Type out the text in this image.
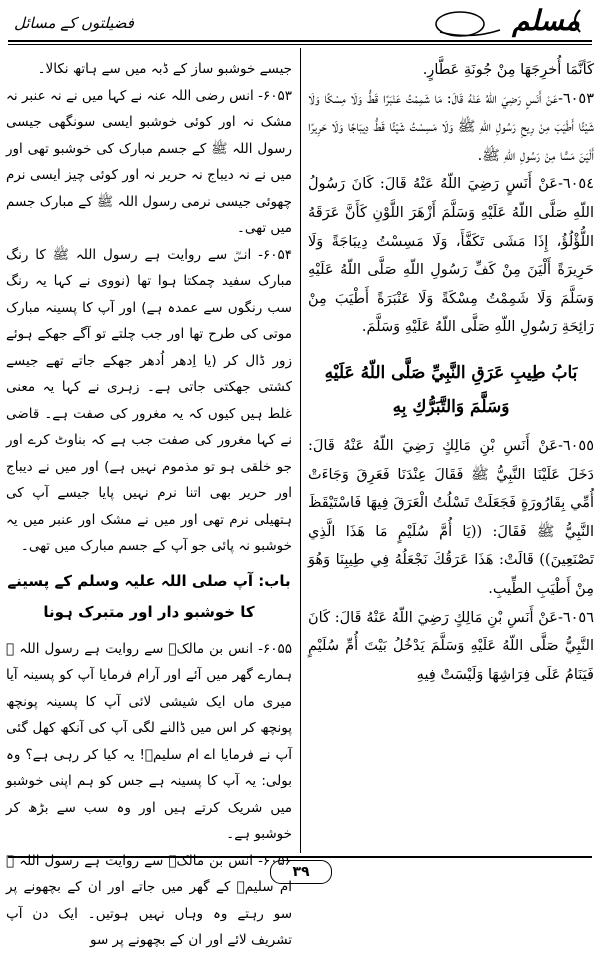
فضیلتوں کے مسائل	مسلم

كَأنَّمَا أُخرِجَهَا مِنْ جُونَةِ عَطَّارٍ.

٦٠٥٣-عَنْ أَنَسٍ رَضِيَ اللّهُ عَنْهُ قَالَ: مَا شَمِمْتُ عَنْبَرًا قَطُّ وَلَا مِسْكًا وَلَا شَيْئًا أَطْيَبَ مِنْ رِيحِ رَسُولِ اللّهِ ﷺ وَلَا مَسِسْتُ شَيْئًا قَطُّ دِيبَاجًا وَلَا حَرِيرًا أَلْيَنَ مَسًّا مِنْ رَسُولِ اللّهِ ﷺ.

٦٠٥٤-عَنْ أَنَسٍ رَضِيَ اللّهُ عَنْهُ قَالَ: كَانَ رَسُولُ اللّهِ صَلَّى اللّهُ عَلَيْهِ وَسَلَّمَ أَزْهَرَ اللَّوْنِ كَأَنَّ عَرَقَهُ اللُّؤْلُؤُ، إِذَا مَشَى تَكَفَّأَ، وَلَا مَسِسْتُ دِيبَاجَةً وَلَا حَرِيرَةً أَلْيَنَ مِنْ كَفِّ رَسُولِ اللّهِ صَلَّى اللّهُ عَلَيْهِ وَسَلَّمَ وَلَا شَمِمْتُ مِسْكَةً وَلَا عَنْبَرَةً أَطْيَبَ مِنْ رَائِحَةِ رَسُولِ اللّهِ صَلَّى اللّهُ عَلَيْهِ وَسَلَّمَ.

بَابُ طِيبِ عَرَقِ النَّبِيِّ صَلَّى اللّهُ عَلَيْهِ وَسَلَّمَ وَالتَّبَرُّكِ بِهِ

٦٠٥٥-عَنْ أَنَسِ بْنِ مَالِكٍ رَضِيَ اللّهُ عَنْهُ قَالَ: دَخَلَ عَلَيْنَا النَّبِيُّ ﷺ فَقَالَ عِنْدَنَا فَعَرِقَ وَجَاءَتْ أُمِّي بِقَارُورَةٍ فَجَعَلَتْ تَسْلُتُ الْعَرَقَ فِيهَا فَاسْتَيْقَظَ النَّبِيُّ ﷺ فَقَالَ: ((يَا أُمَّ سُلَيْمٍ مَا هَذَا الَّذِي تَصْنَعِينَ)) قَالَتْ: هَذَا عَرَقُكَ نَجْعَلُهُ فِي طِيبِنَا وَهُوَ مِنْ أَطْيَبِ الطِّيبِ.

٦٠٥٦-عَنْ أَنَسِ بْنِ مَالِكٍ رَضِيَ اللّهُ عَنْهُ قَالَ: كَانَ النَّبِيُّ صَلَّى اللّهُ عَلَيْهِ وَسَلَّمَ يَدْخُلُ بَيْتَ أُمِّ سُلَيْمٍ فَيَنَامُ عَلَى فِرَاشِهَا وَلَيْسَتْ فِيهِ

جیسے خوشبو ساز کے ڈبہ میں سے ہاتھ نکالا۔

۶۰۵۳- انس رضی اللہ عنہ نے کہا میں نے نہ عنبر نہ مشک نہ اور کوئی خوشبو ایسی سونگھی جیسی رسول اللہ ﷺ کے جسم مبارک کی خوشبو تھی اور میں نے نہ دیباج نہ حریر نہ اور کوئی چیز ایسی نرم چھوئی جیسی نرمی رسول اللہ ﷺ کے مبارک جسم میں تھی۔

۶۰۵۴- انسؓ سے روایت ہے رسول اللہ ﷺ کا رنگ مبارک سفید چمکتا ہوا تھا (نووی نے کہا یہ رنگ سب رنگوں سے عمدہ ہے) اور آپ کا پسینہ مبارک موتی کی طرح تھا اور جب چلتے تو آگے جھکے ہوئے زور ڈال کر (یا اِدھر اُدھر جھکے جاتے تھے جیسے کشتی جھکتی جاتی ہے۔ زہری نے کہا یہ معنی غلط ہیں کیوں کہ یہ مغرور کی صفت ہے۔ قاضی نے کہا مغرور کی صفت جب ہے کہ بناوٹ کرے اور جو خلقی ہو تو مذموم نہیں ہے) اور میں نے دیباج اور حریر بھی اتنا نرم نہیں پایا جیسے آپ کی ہتھیلی نرم تھی اور میں نے مشک اور عنبر میں یہ خوشبو نہ پائی جو آپ کے جسم مبارک میں تھی۔

باب: آپ صلی اللہ علیہ وسلم کے پسینے
کا خوشبو دار اور متبرک ہونا

۶۰۵۵- انس بن مالکؓ سے روایت ہے رسول اللہ ﷺ ہمارے گھر میں آئے اور آرام فرمایا آپ کو پسینہ آیا میری ماں ایک شیشی لائی آپ کا پسینہ پونچھ پونچھ کر اس میں ڈالنے لگی آپ کی آنکھ کھل گئی آپ نے فرمایا اے ام سلیمؓ! یہ کیا کر رہی ہے؟ وہ بولی: یہ آپ کا پسینہ ہے جس کو ہم اپنی خوشبو میں شریک کرتے ہیں اور وہ سب سے بڑھ کر خوشبو ہے۔

۶۰۵۶- انس بن مالکؓ سے روایت ہے رسول اللہ ﷺ ام سلیمؓ کے گھر میں جاتے اور ان کے بچھونے پر سو رہتے وہ وہاں نہیں ہوتیں۔ ایک دن آپ تشریف لائے اور ان کے بچھونے پر سو

۳۹
